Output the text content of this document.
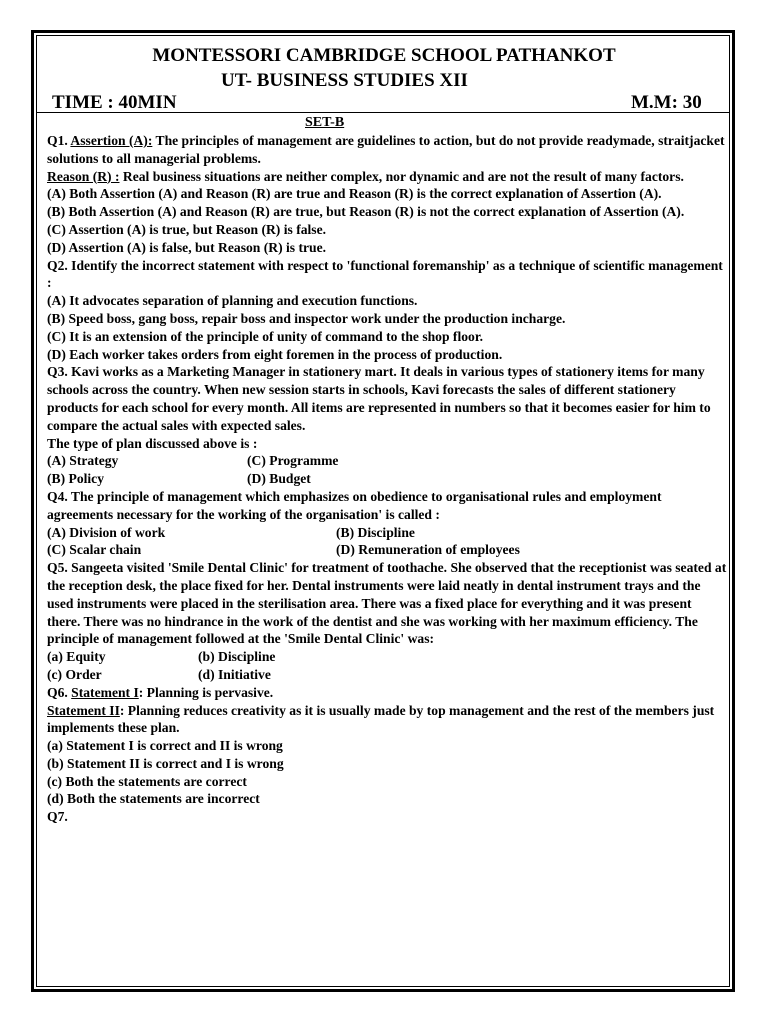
MONTESSORI CAMBRIDGE SCHOOL PATHANKOT
UT- BUSINESS STUDIES XII
TIME : 40MIN	M.M: 30
SET-B

Q1. Assertion (A): The principles of management are guidelines to action, but do not provide readymade, straitjacket solutions to all managerial problems.

Reason (R) : Real business situations are neither complex, nor dynamic and are not the result of many factors.

(A) Both Assertion (A) and Reason (R) are true and Reason (R) is the correct explanation of Assertion (A).

(B) Both Assertion (A) and Reason (R) are true, but Reason (R) is not the correct explanation of Assertion (A).

(C) Assertion (A) is true, but Reason (R) is false.

(D) Assertion (A) is false, but Reason (R) is true.

Q2. Identify the incorrect statement with respect to 'functional foremanship' as a technique of scientific management :

(A) It advocates separation of planning and execution functions.

(B) Speed boss, gang boss, repair boss and inspector work under the production incharge.

(C) It is an extension of the principle of unity of command to the shop floor.

(D) Each worker takes orders from eight foremen in the process of production.

Q3. Kavi works as a Marketing Manager in stationery mart. It deals in various types of stationery items for many schools across the country. When new session starts in schools, Kavi forecasts the sales of different stationery products for each school for every month. All items are represented in numbers so that it becomes easier for him to compare the actual sales with expected sales.

The type of plan discussed above is :

(A) Strategy	(C) Programme
(B) Policy	(D) Budget

Q4. The principle of management which emphasizes on obedience to organisational rules and employment agreements necessary for the working of the organisation' is called :

(A) Division of work	(B) Discipline
(C) Scalar chain	(D) Remuneration of employees

Q5. Sangeeta visited 'Smile Dental Clinic' for treatment of toothache. She observed that the receptionist was seated at the reception desk, the place fixed for her. Dental instruments were laid neatly in dental instrument trays and the used instruments were placed in the sterilisation area. There was a fixed place for everything and it was present there. There was no hindrance in the work of the dentist and she was working with her maximum efficiency. The principle of management followed at the 'Smile Dental Clinic' was:

(a) Equity	(b) Discipline
(c) Order	(d) Initiative

Q6. Statement I: Planning is pervasive.

Statement II: Planning reduces creativity as it is usually made by top management and the rest of the members just implements these plan.

(a) Statement I is correct and II is wrong

(b) Statement II is correct and I is wrong

(c) Both the statements are correct

(d) Both the statements are incorrect

Q7.
